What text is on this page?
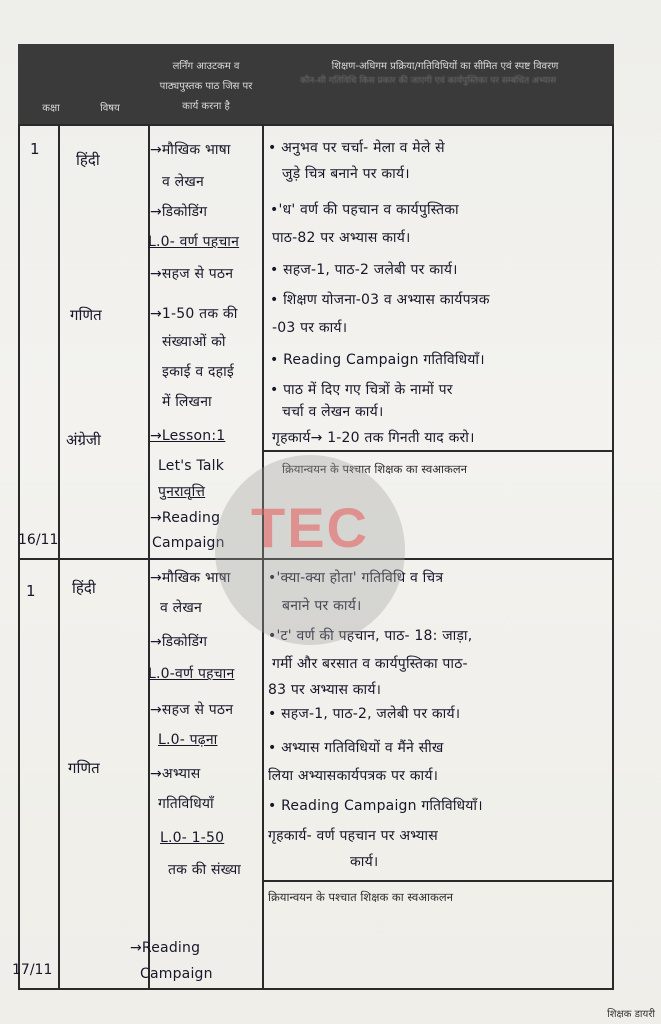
कक्षा	विषय
लर्निंग आउटकम व
पाठ्यपुस्तक पाठ जिस पर
कार्य करना है
शिक्षण-अधिगम प्रक्रिया/गतिविधियों का सीमित एवं स्पष्ट विवरण
कौन-सी गतिविधि किस प्रकार की जाएगी एवं कार्यपुस्तिका पर सम्बंधित अभ्यास
1
16/11
हिंदी
गणित
अंग्रेजी
→मौखिक भाषा
व लेखन
→डिकोडिंग
L.0- वर्ण पहचान
→सहज से पठन
→1-50 तक की
संख्याओं को
इकाई व दहाई
में लिखना
→Lesson:1
Let's Talk
पुनरावृत्ति
→Reading
Campaign
• अनुभव पर चर्चा- मेला व मेले से
जुड़े चित्र बनाने पर कार्य।
•'ध' वर्ण की पहचान व कार्यपुस्तिका
पाठ-82 पर अभ्यास कार्य।
• सहज-1, पाठ-2 जलेबी पर कार्य।
• शिक्षण योजना-03 व अभ्यास कार्यपत्रक
-03 पर कार्य।
• Reading Campaign गतिविधियाँ।
• पाठ में दिए गए चित्रों के नामों पर
चर्चा व लेखन कार्य।
गृहकार्य→ 1-20 तक गिनती याद करो।
क्रियान्वयन के पश्चात शिक्षक का स्वआकलन
1
17/11
हिंदी
गणित
→मौखिक भाषा
व लेखन
→डिकोडिंग
L.0-वर्ण पहचान
→सहज से पठन
L.0- पढ़ना
→अभ्यास
गतिविधियाँ
L.0- 1-50
तक की संख्या
→Reading
Campaign
•'क्या-क्या होता' गतिविधि व चित्र
बनाने पर कार्य।
•'ट' वर्ण की पहचान, पाठ- 18: जाड़ा,
गर्मी और बरसात व कार्यपुस्तिका पाठ-
83 पर अभ्यास कार्य।
• सहज-1, पाठ-2, जलेबी पर कार्य।
• अभ्यास गतिविधियों व मैंने सीख
लिया अभ्यासकार्यपत्रक पर कार्य।
• Reading Campaign गतिविधियाँ।
गृहकार्य- वर्ण पहचान पर अभ्यास
कार्य।
क्रियान्वयन के पश्चात शिक्षक का स्वआकलन
TEC
शिक्षक डायरी
